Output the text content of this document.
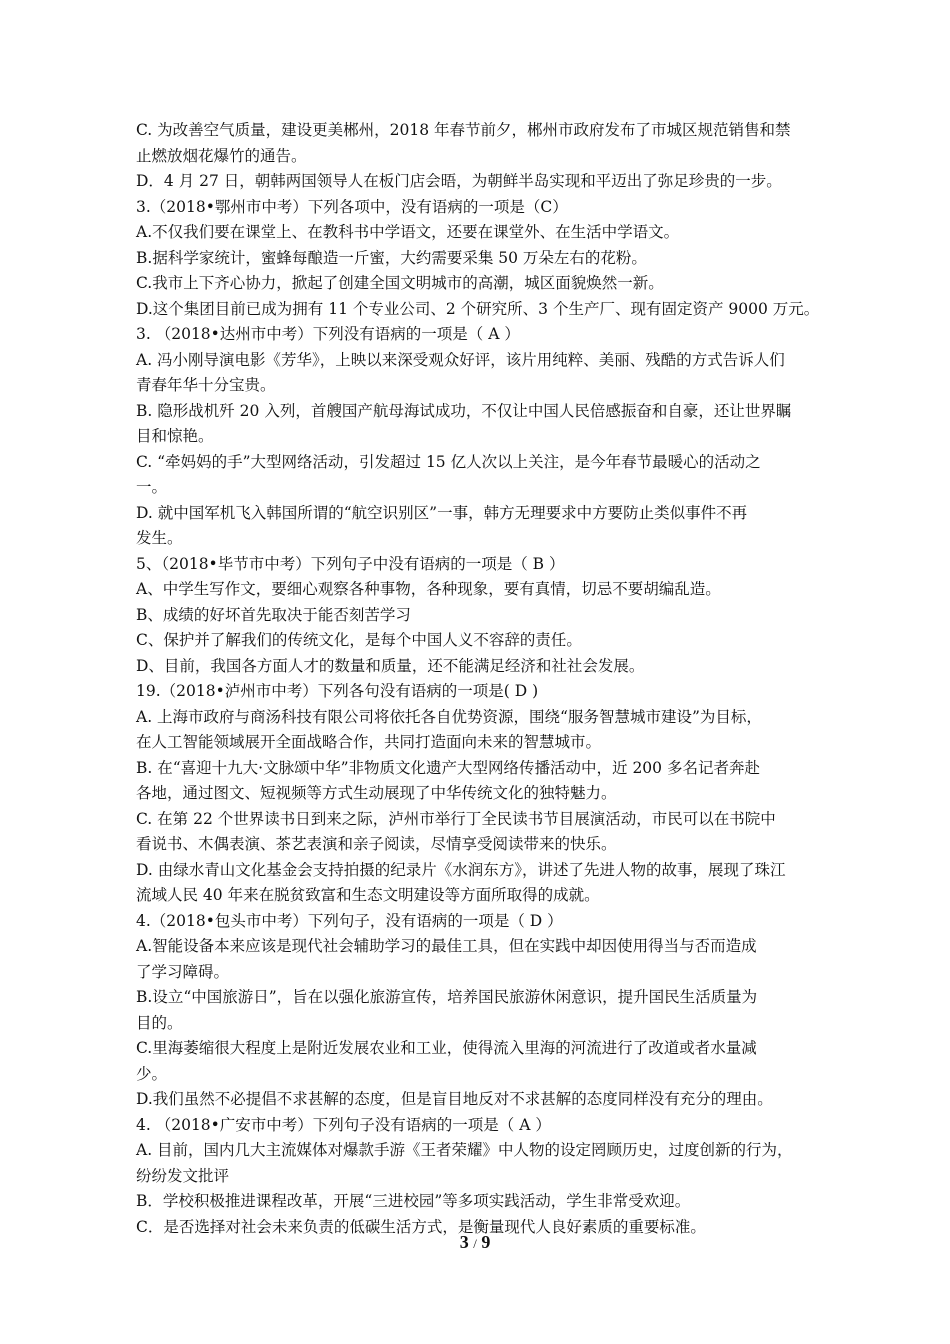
C. 为改善空气质量，建设更美郴州，2018 年春节前夕，郴州市政府发布了市城区规范销售和禁
止燃放烟花爆竹的通告。
D．4 月 27 日，朝韩两国领导人在板门店会晤，为朝鲜半岛实现和平迈出了弥足珍贵的一步。
3.（2018•鄂州市中考）下列各项中，没有语病的一项是（C）
A.不仅我们要在课堂上、在教科书中学语文，还要在课堂外、在生活中学语文。
B.据科学家统计，蜜蜂每酿造一斤蜜，大约需要采集 50 万朵左右的花粉。
C.我市上下齐心协力，掀起了创建全国文明城市的高潮，城区面貌焕然一新。
D.这个集团目前已成为拥有 11 个专业公司、2 个研究所、3 个生产厂、现有固定资产 9000 万元。
3. （2018•达州市中考）下列没有语病的一项是（ A ）
A. 冯小刚导演电影《芳华》，上映以来深受观众好评，该片用纯粹、美丽、残酷的方式告诉人们
青春年华十分宝贵。
B. 隐形战机歼 20 入列，首艘国产航母海试成功，不仅让中国人民倍感振奋和自豪，还让世界瞩
目和惊艳。
C. “牵妈妈的手”大型网络活动，引发超过 15 亿人次以上关注，是今年春节最暖心的活动之
一。
D. 就中国军机飞入韩国所谓的“航空识别区”一事，韩方无理要求中方要防止类似事件不再
发生。
5、（2018•毕节市中考）下列句子中没有语病的一项是（ B ）
A、中学生写作文，要细心观察各种事物，各种现象，要有真情，切忌不要胡编乱造。
B、成绩的好坏首先取决于能否刻苦学习
C、保护并了解我们的传统文化，是每个中国人义不容辞的责任。
D、目前，我国各方面人才的数量和质量，还不能满足经济和社社会发展。
19.（2018•泸州市中考）下列各句没有语病的一项是( D )
A. 上海市政府与商汤科技有限公司将依托各自优势资源，围绕“服务智慧城市建设”为目标，
在人工智能领域展开全面战略合作，共同打造面向未来的智慧城市。
B. 在“喜迎十九大·文脉颂中华”非物质文化遗产大型网络传播活动中，近 200 多名记者奔赴
各地，通过图文、短视频等方式生动展现了中华传统文化的独特魅力。
C. 在第 22 个世界读书日到来之际，泸州市举行丁全民读书节目展演活动，市民可以在书院中
看说书、木偶表演、茶艺表演和亲子阅读，尽情享受阅读带来的快乐。
D. 由绿水青山文化基金会支持拍摄的纪录片《水润东方》，讲述了先进人物的故事，展现了珠江
流域人民 40 年来在脱贫致富和生态文明建设等方面所取得的成就。
4.（2018•包头市中考）下列句子，没有语病的一项是（ D ）
A.智能设备本来应该是现代社会辅助学习的最佳工具，但在实践中却因使用得当与否而造成
了学习障碍。
B.设立“中国旅游日”，旨在以强化旅游宣传，培养国民旅游休闲意识，提升国民生活质量为
目的。
C.里海萎缩很大程度上是附近发展农业和工业，使得流入里海的河流进行了改道或者水量减
少。
D.我们虽然不必提倡不求甚解的态度，但是盲目地反对不求甚解的态度同样没有充分的理由。
4. （2018•广安市中考）下列句子没有语病的一项是（ A ）
A. 目前，国内几大主流媒体对爆款手游《王者荣耀》中人物的设定罔顾历史，过度创新的行为，
纷纷发文批评
B．学校积极推进课程改革，开展“三进校园”等多项实践活动，学生非常受欢迎。
C．是否选择对社会未来负责的低碳生活方式，是衡量现代人良好素质的重要标准。
3 / 9
